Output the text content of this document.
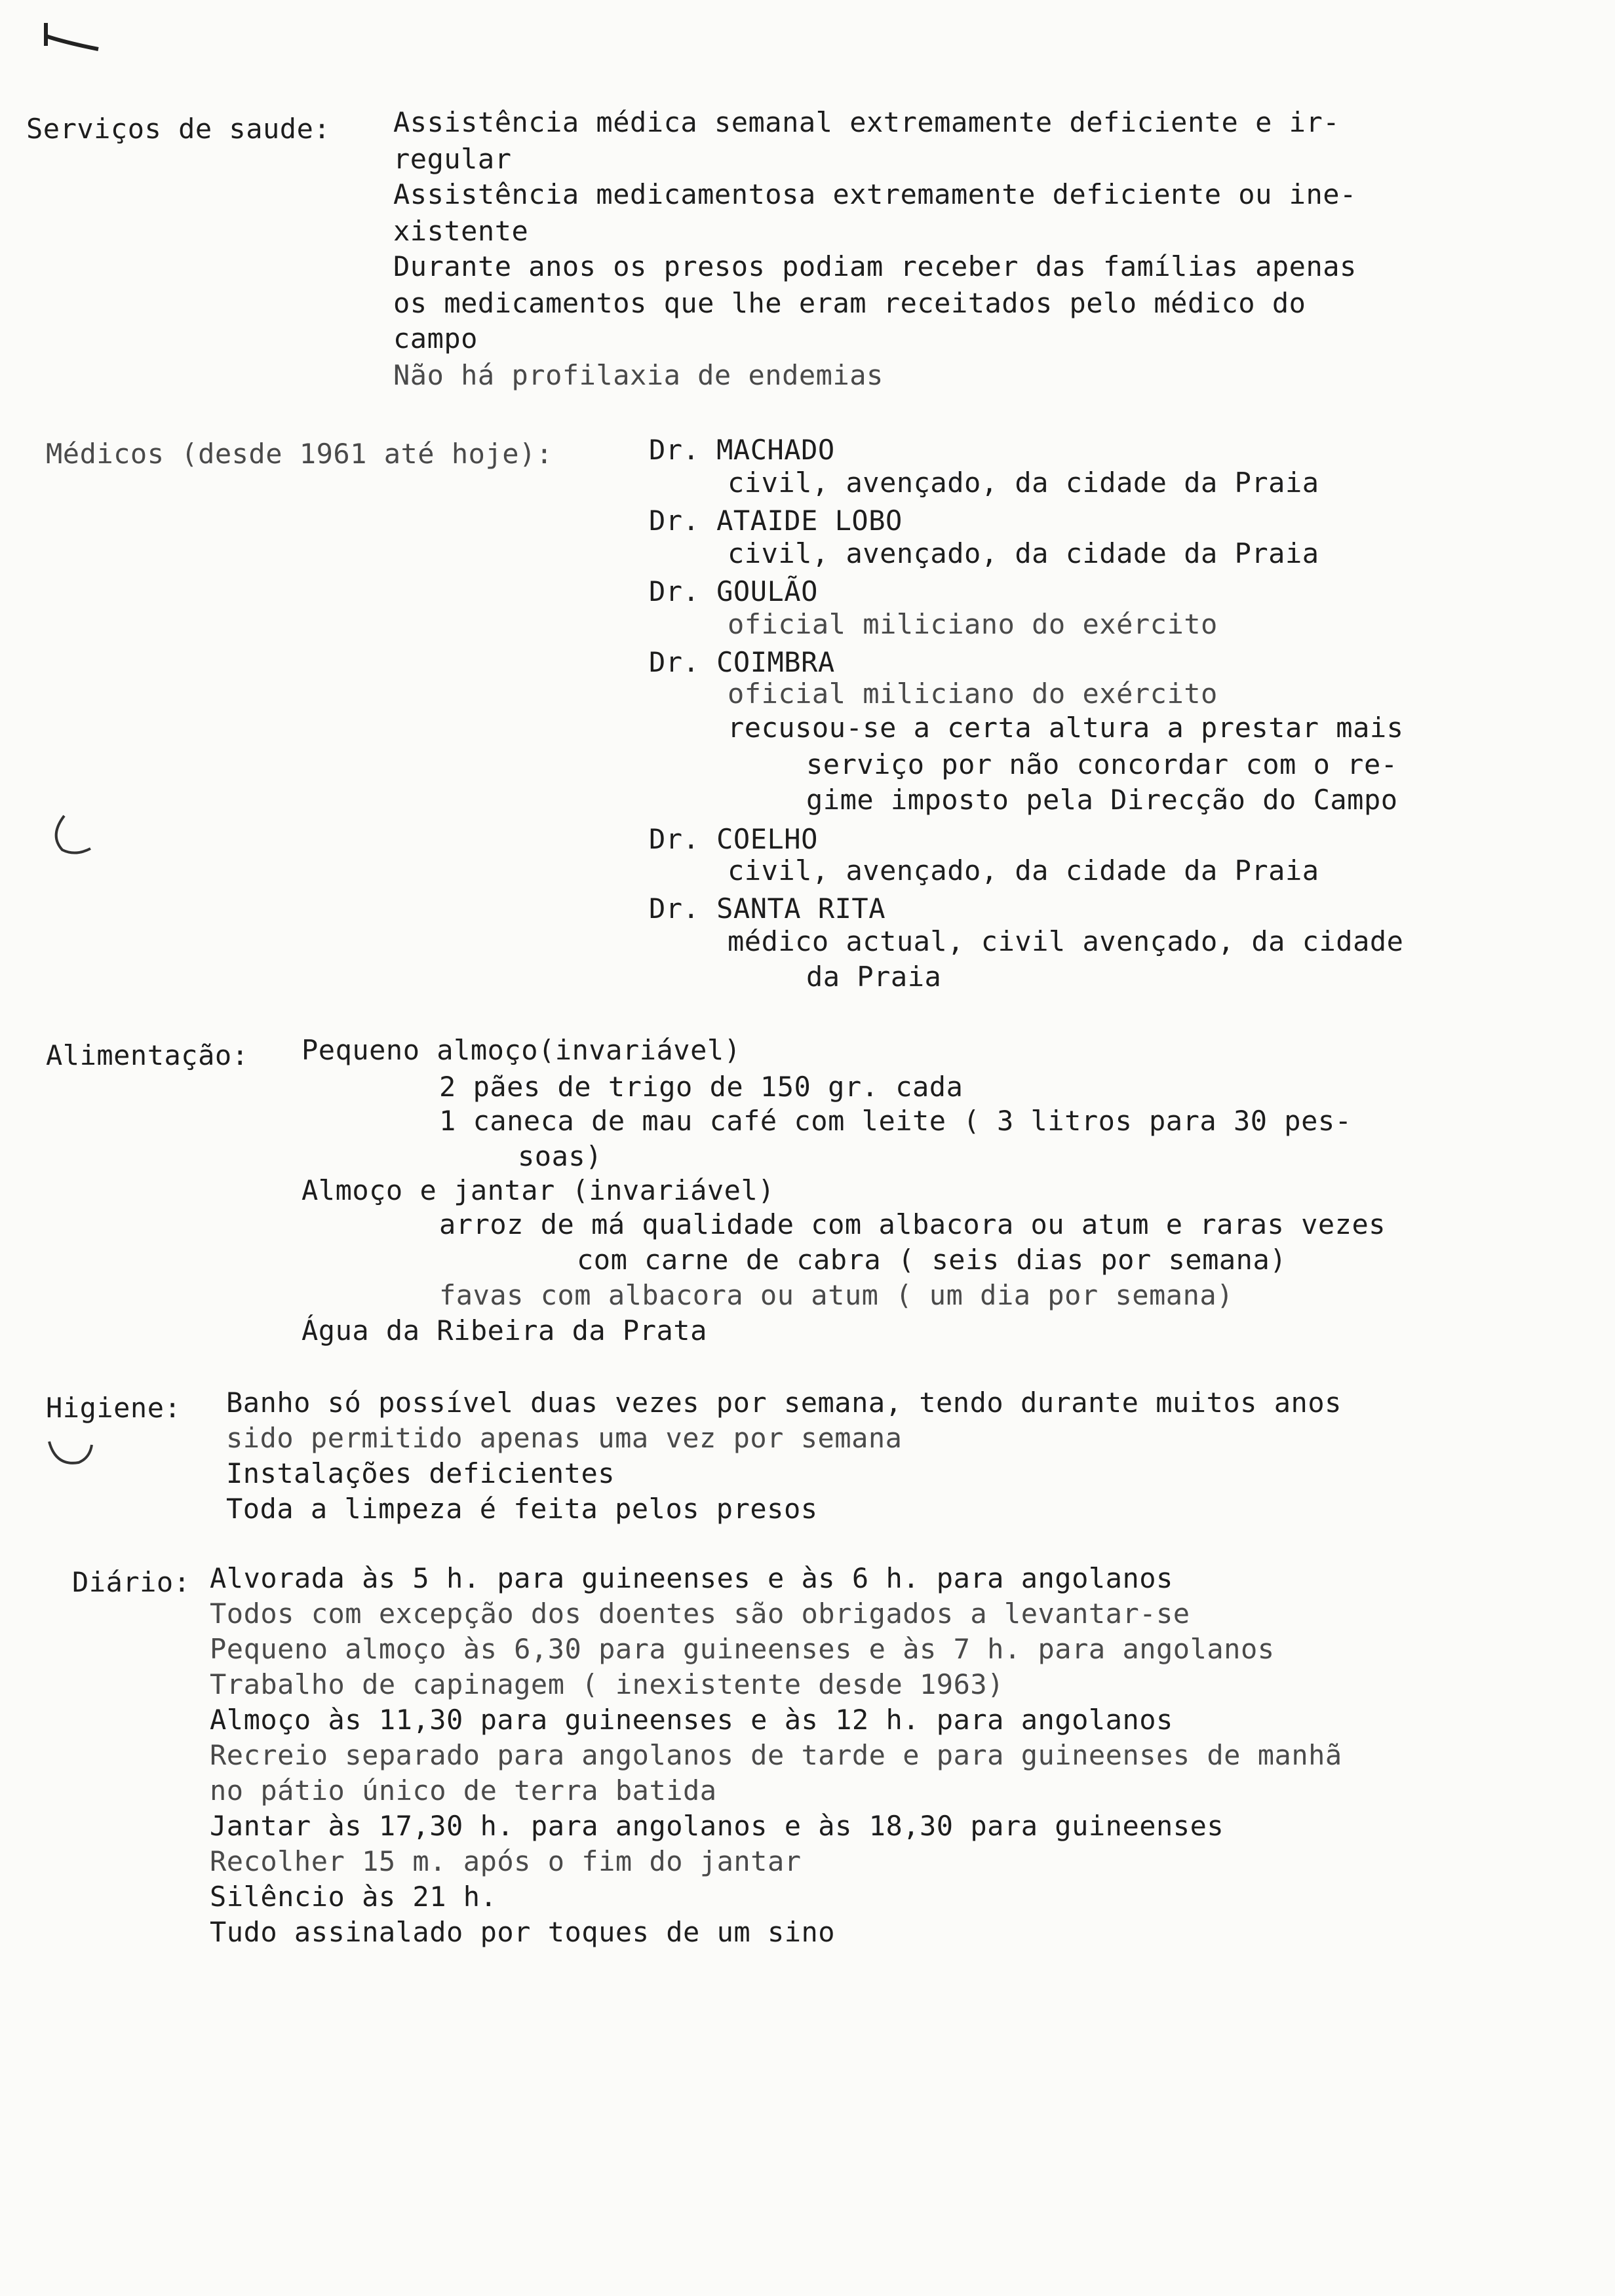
Serviços de saude: Assistência médica semanal extremamente deficiente e ir-
regular
Assistência medicamentosa extremamente deficiente ou ine-
xistente
Durante anos os presos podiam receber das famílias apenas
os medicamentos que lhe eram receitados pelo médico do
campo
Não há profilaxia de endemias
Médicos (desde 1961 até hoje):	Dr. MACHADO
civil, avençado, da cidade da Praia
Dr. ATAIDE LOBO
civil, avençado, da cidade da Praia
Dr. GOULÃO
oficial miliciano do exército
Dr. COIMBRA
oficial miliciano do exército
recusou-se a certa altura a prestar mais
serviço por não concordar com o re-
gime imposto pela Direcção do Campo
Dr. COELHO
civil, avençado, da cidade da Praia
Dr. SANTA RITA
médico actual, civil avençado, da cidade
da Praia
Alimentação: Pequeno almoço(invariável)
2 pães de trigo de 150 gr. cada
1 caneca de mau café com leite ( 3 litros para 30 pes-
soas)
Almoço e jantar (invariável)
arroz de má qualidade com albacora ou atum e raras vezes
com carne de cabra ( seis dias por semana)
favas com albacora ou atum ( um dia por semana)
Água da Ribeira da Prata
Higiene: Banho só possível duas vezes por semana, tendo durante muitos anos
sido permitido apenas uma vez por semana
Instalações deficientes
Toda a limpeza é feita pelos presos
Diário: Alvorada às 5 h. para guineenses e às 6 h. para angolanos
Todos com excepção dos doentes são obrigados a levantar-se
Pequeno almoço às 6,30 para guineenses e às 7 h. para angolanos
Trabalho de capinagem ( inexistente desde 1963)
Almoço às 11,30 para guineenses e às 12 h. para angolanos
Recreio separado para angolanos de tarde e para guineenses de manhã
no pátio único de terra batida
Jantar às 17,30 h. para angolanos e às 18,30 para guineenses
Recolher 15 m. após o fim do jantar
Silêncio às 21 h.
Tudo assinalado por toques de um sino
